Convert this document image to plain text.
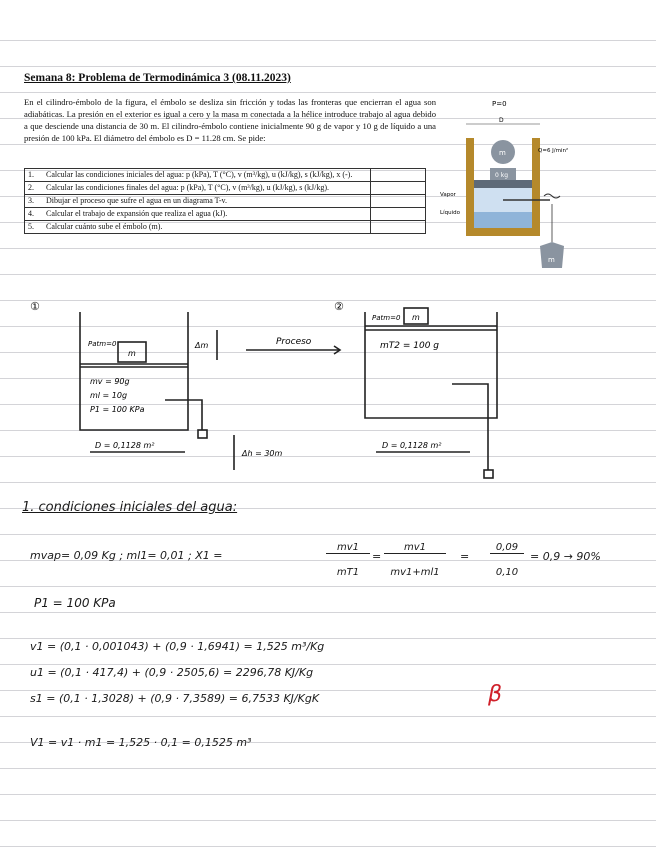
Semana 8: Problema de Termodinámica 3 (08.11.2023)
En el cilindro-émbolo de la figura, el émbolo se desliza sin fricción y todas las fronteras que encierran el agua son adiabáticas. La presión en el exterior es igual a cero y la masa m conectada a la hélice introduce trabajo al agua debido a que desciende una distancia de 30 m. El cilindro-émbolo contiene inicialmente 90 g de vapor y 10 g de líquido a una presión de 100 kPa. El diámetro del émbolo es D = 11.28 cm. Se pide:
1.	Calcular las condiciones iniciales del agua: p (kPa), T (°C), v (m³/kg), u (kJ/kg), s (kJ/kg), x (-).	
2.	Calcular las condiciones finales del agua: p (kPa), T (°C), v (m³/kg), u (kJ/kg), s (kJ/kg).	
3.	Dibujar el proceso que sufre el agua en un diagrama T-v.	
4.	Calcular el trabajo de expansión que realiza el agua (kJ).	
5.	Calcular cuánto sube el émbolo (m).	
P=0
D
0 kg
m
Vapor
Líquido
Q=6 J/min²
m
①	②
Patm=0
m
Δm
mv = 90g
ml = 10g
P1 = 100 KPa
D = 0,1128 m²
Proceso
Patm=0 m
mT2 = 100 g
D = 0,1128 m²
Δh = 30m
1. condiciones iniciales del agua:
mvap= 0,09 Kg ; ml1= 0,01 ; X1 =
mv1
mT1
=
mv1
mv1+ml1
=
0,09
0,10
= 0,9 → 90%
P1 = 100 KPa
v1 = (0,1 · 0,001043) + (0,9 · 1,6941) = 1,525 m³/Kg
u1 = (0,1 · 417,4) + (0,9 · 2505,6) = 2296,78 KJ/Kg
s1 = (0,1 · 1,3028) + (0,9 · 7,3589) = 6,7533 KJ/KgK	β
V1 = v1 · m1 = 1,525 · 0,1 = 0,1525 m³
